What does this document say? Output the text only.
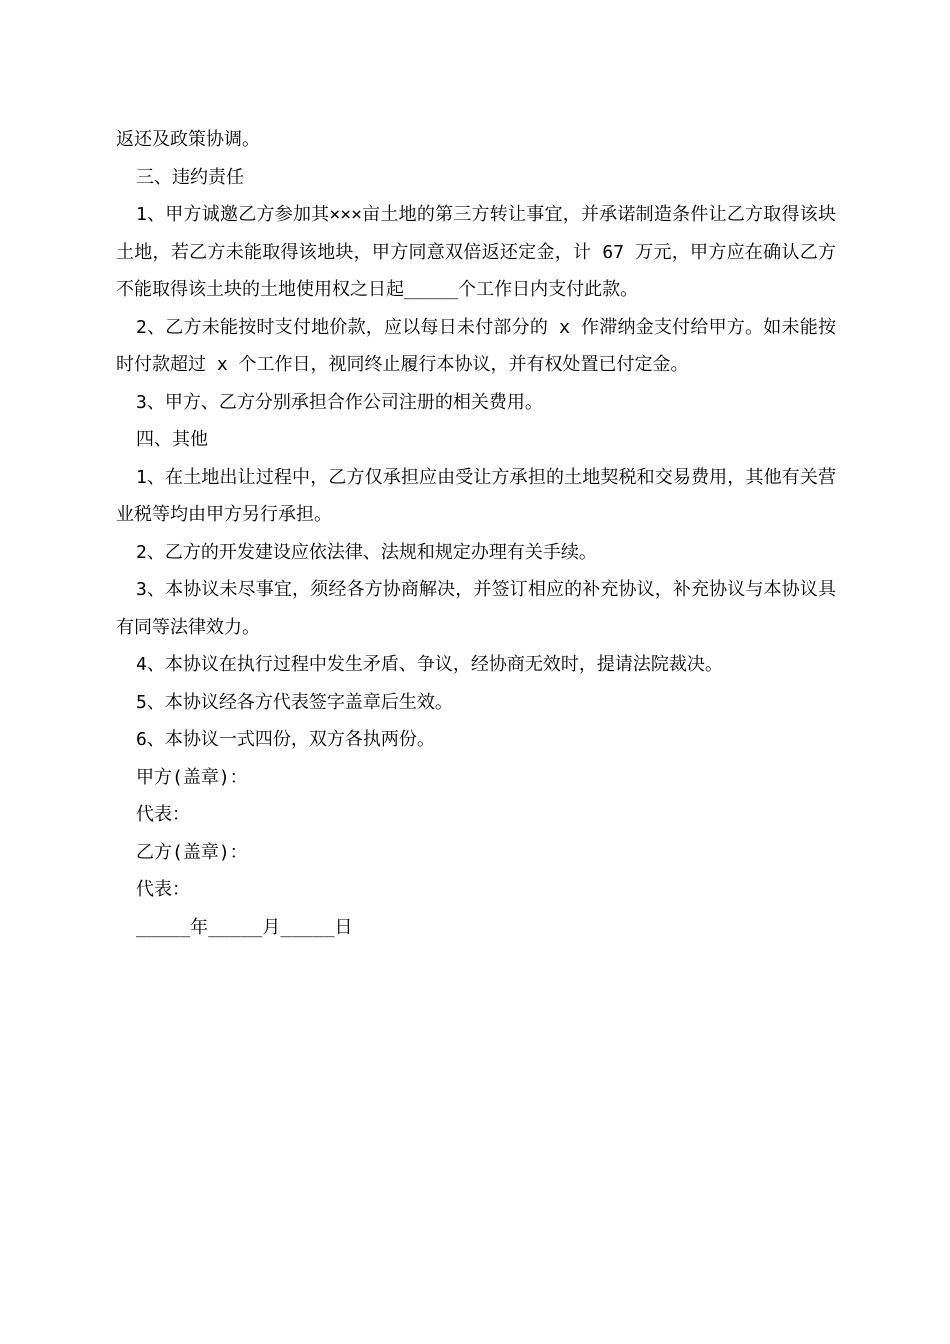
返还及政策协调。

三、违约责任

1、甲方诚邀乙方参加其×××亩土地的第三方转让事宜，并承诺制造条件让乙方取得该块土地，若乙方未能取得该地块，甲方同意双倍返还定金，计 67 万元，甲方应在确认乙方不能取得该土块的土地使用权之日起_____个工作日内支付此款。

2、乙方未能按时支付地价款，应以每日未付部分的 x 作滞纳金支付给甲方。如未能按时付款超过 x 个工作日，视同终止履行本协议，并有权处置已付定金。

3、甲方、乙方分别承担合作公司注册的相关费用。

四、其他

1、在土地出让过程中，乙方仅承担应由受让方承担的土地契税和交易费用，其他有关营业税等均由甲方另行承担。

2、乙方的开发建设应依法律、法规和规定办理有关手续。

3、本协议未尽事宜，须经各方协商解决，并签订相应的补充协议，补充协议与本协议具有同等法律效力。

4、本协议在执行过程中发生矛盾、争议，经协商无效时，提请法院裁决。

5、本协议经各方代表签字盖章后生效。

6、本协议一式四份，双方各执两份。

甲方(盖章)：

代表：

乙方(盖章)：

代表：

_____年_____月_____日
